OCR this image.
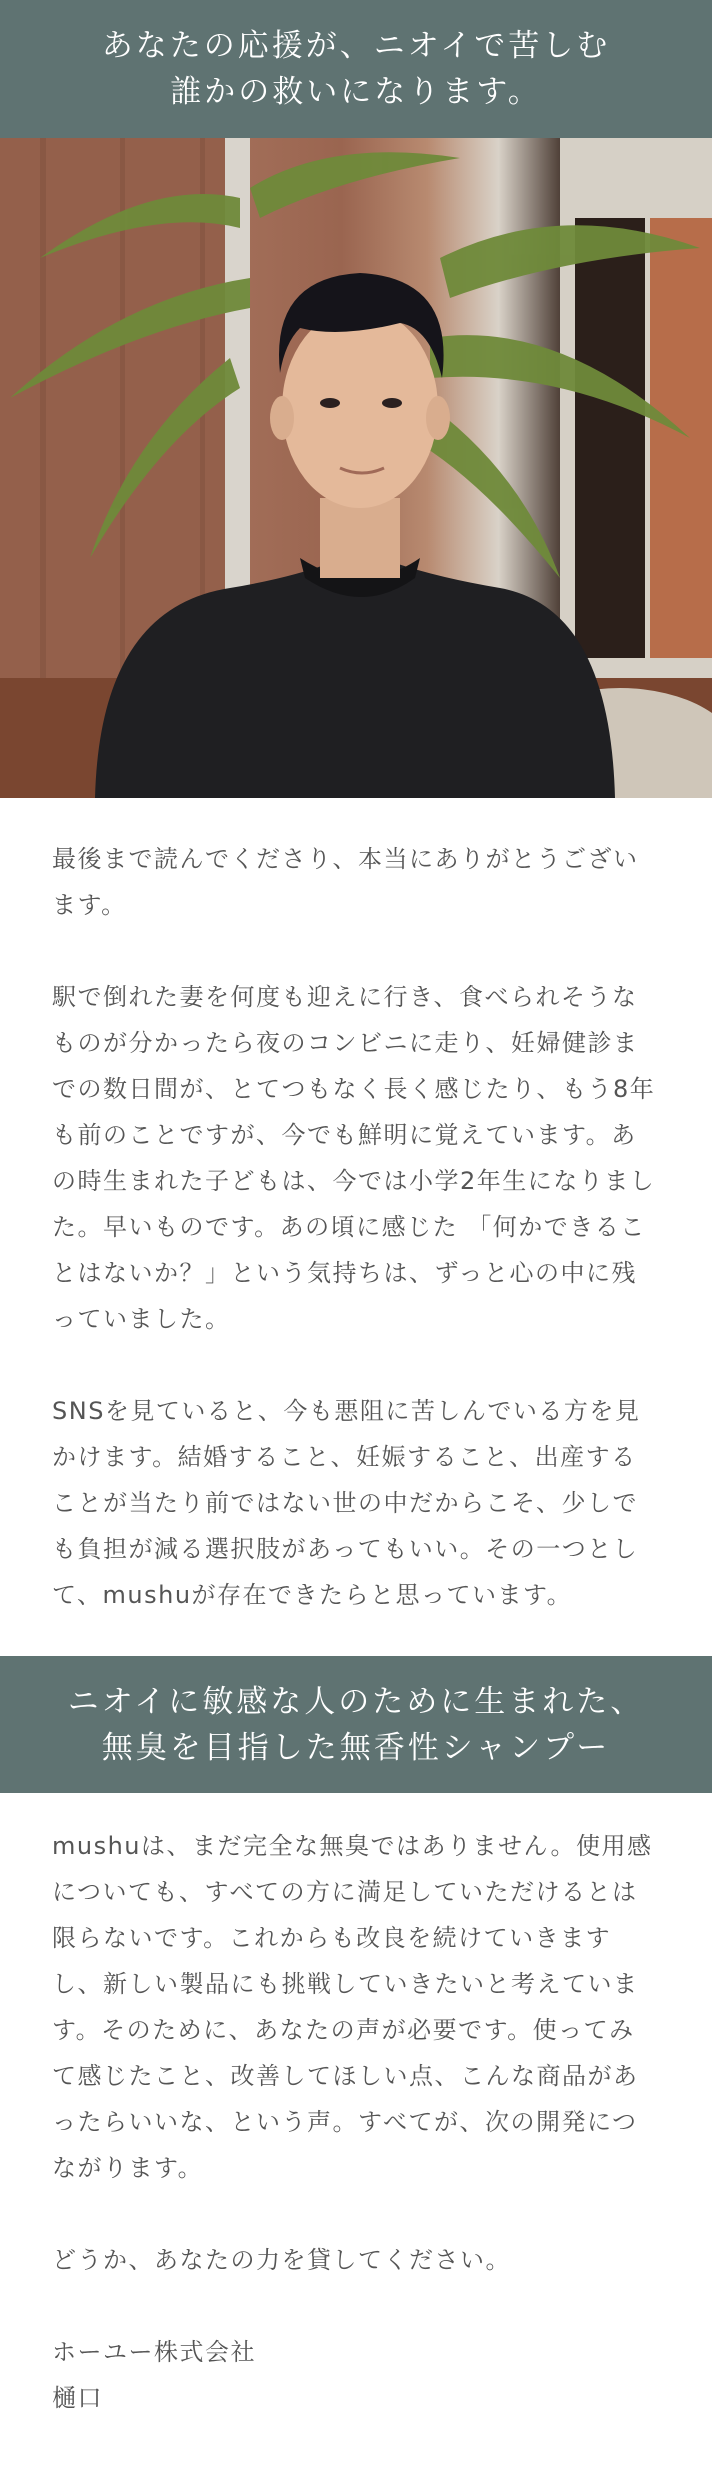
あなたの応援が、ニオイで苦しむ
誰かの救いになります。

最後まで読んでくださり、本当にありがとうございます。

駅で倒れた妻を何度も迎えに行き、食べられそうなものが分かったら夜のコンビニに走り、妊婦健診までの数日間が、とてつもなく長く感じたり、もう8年も前のことですが、今でも鮮明に覚えています。あの時生まれた子どもは、今では小学2年生になりました。早いものです。あの頃に感じた 「何かできることはないか？」という気持ちは、ずっと心の中に残っていました。

SNSを見ていると、今も悪阻に苦しんでいる方を見かけます。結婚すること、妊娠すること、出産することが当たり前ではない世の中だからこそ、少しでも負担が減る選択肢があってもいい。その一つとして、mushuが存在できたらと思っています。

ニオイに敏感な人のために生まれた、
無臭を目指した無香性シャンプー

mushuは、まだ完全な無臭ではありません。使用感についても、すべての方に満足していただけるとは限らないです。これからも改良を続けていきますし、新しい製品にも挑戦していきたいと考えています。そのために、あなたの声が必要です。使ってみて感じたこと、改善してほしい点、こんな商品があったらいいな、という声。すべてが、次の開発につながります。

どうか、あなたの力を貸してください。

ホーユー株式会社

樋口
